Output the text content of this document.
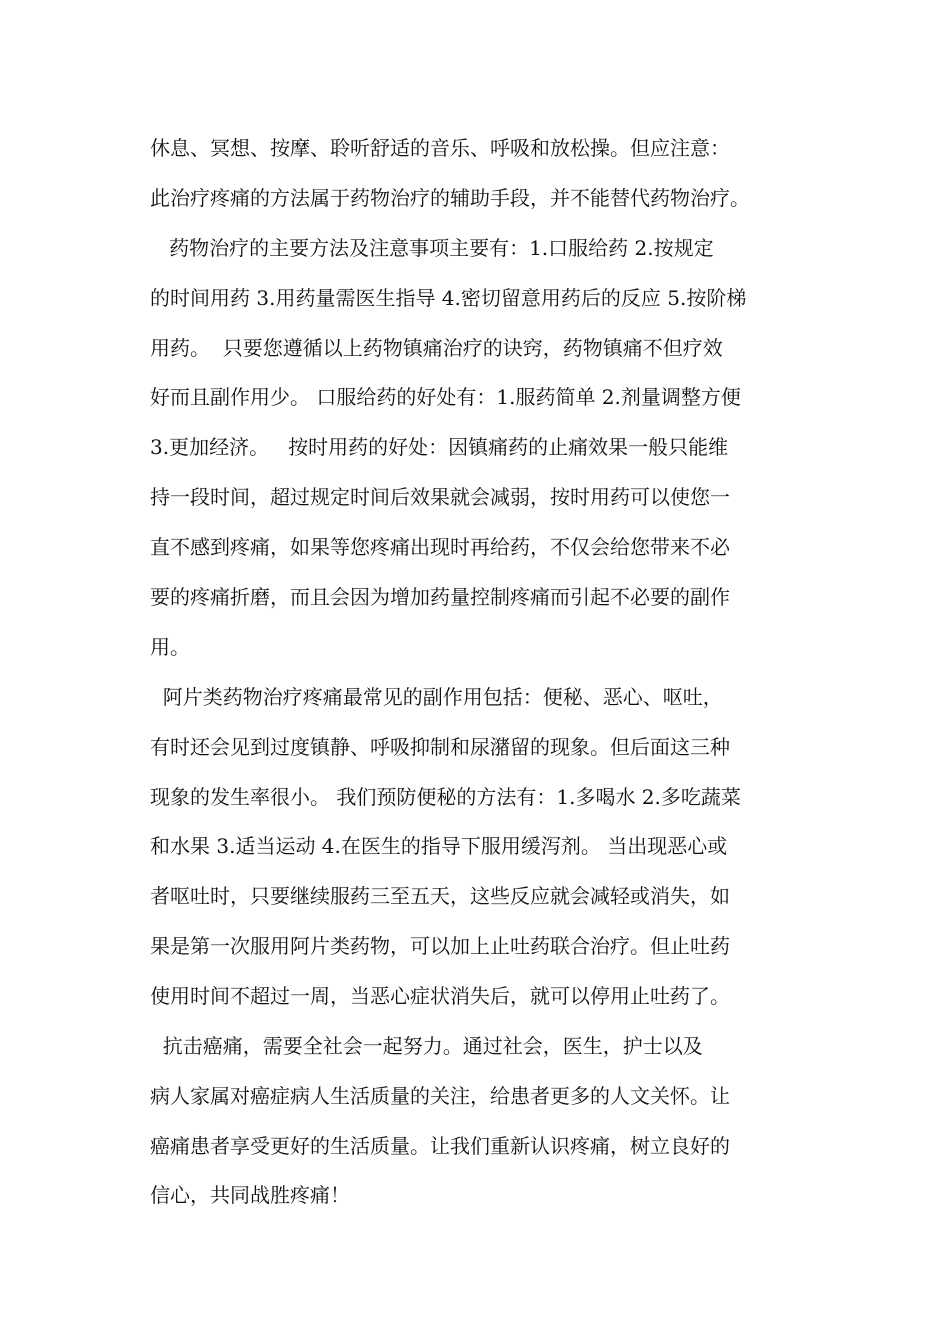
休息、冥想、按摩、聆听舒适的音乐、呼吸和放松操。但应注意：
此治疗疼痛的方法属于药物治疗的辅助手段，并不能替代药物治疗。
药物治疗的主要方法及注意事项主要有：1.口服给药 2.按规定
的时间用药 3.用药量需医生指导 4.密切留意用药后的反应 5.按阶梯
用药。  只要您遵循以上药物镇痛治疗的诀窍，药物镇痛不但疗效
好而且副作用少。 口服给药的好处有：1.服药简单 2.剂量调整方便
3.更加经济。   按时用药的好处：因镇痛药的止痛效果一般只能维
持一段时间，超过规定时间后效果就会减弱，按时用药可以使您一
直不感到疼痛，如果等您疼痛出现时再给药，不仅会给您带来不必
要的疼痛折磨，而且会因为增加药量控制疼痛而引起不必要的副作
用。
阿片类药物治疗疼痛最常见的副作用包括：便秘、恶心、呕吐，
有时还会见到过度镇静、呼吸抑制和尿潴留的现象。但后面这三种
现象的发生率很小。 我们预防便秘的方法有：1.多喝水 2.多吃蔬菜
和水果 3.适当运动 4.在医生的指导下服用缓泻剂。 当出现恶心或
者呕吐时，只要继续服药三至五天，这些反应就会减轻或消失，如
果是第一次服用阿片类药物，可以加上止吐药联合治疗。但止吐药
使用时间不超过一周，当恶心症状消失后，就可以停用止吐药了。
抗击癌痛，需要全社会一起努力。通过社会，医生，护士以及
病人家属对癌症病人生活质量的关注，给患者更多的人文关怀。让
癌痛患者享受更好的生活质量。让我们重新认识疼痛，树立良好的
信心，共同战胜疼痛！
